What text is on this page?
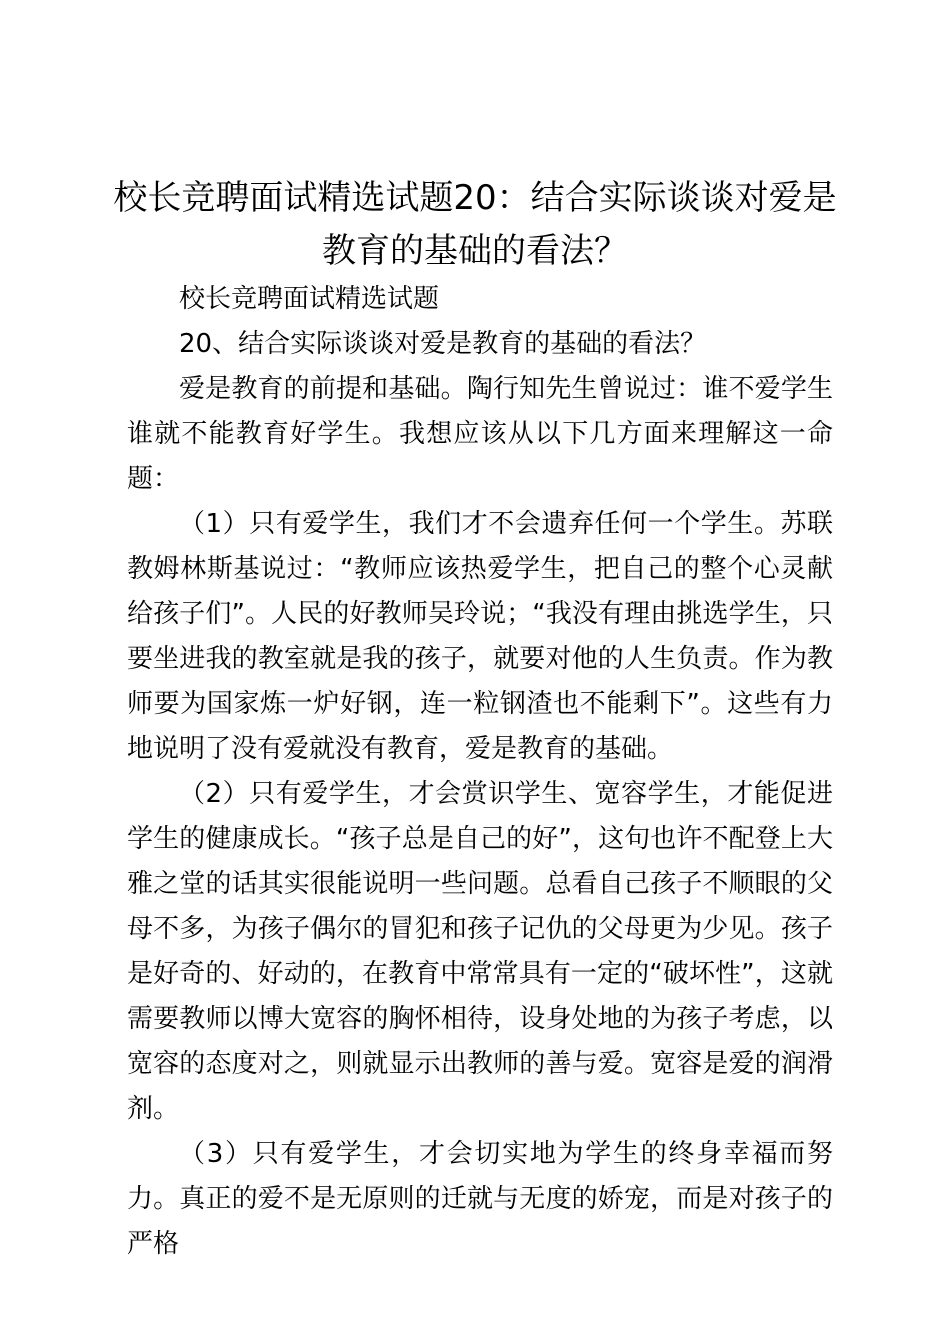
校长竞聘面试精选试题20：结合实际谈谈对爱是教育的基础的看法？

校长竞聘面试精选试题

20、结合实际谈谈对爱是教育的基础的看法？

爱是教育的前提和基础。陶行知先生曾说过：谁不爱学生谁就不能教育好学生。我想应该从以下几方面来理解这一命题：

（1）只有爱学生，我们才不会遗弃任何一个学生。苏联教姆林斯基说过：“教师应该热爱学生，把自己的整个心灵献给孩子们”。人民的好教师吴玲说；“我没有理由挑选学生，只要坐进我的教室就是我的孩子，就要对他的人生负责。作为教师要为国家炼一炉好钢，连一粒钢渣也不能剩下”。这些有力地说明了没有爱就没有教育，爱是教育的基础。

（2）只有爱学生，才会赏识学生、宽容学生，才能促进学生的健康成长。“孩子总是自己的好”，这句也许不配登上大雅之堂的话其实很能说明一些问题。总看自己孩子不顺眼的父母不多，为孩子偶尔的冒犯和孩子记仇的父母更为少见。孩子是好奇的、好动的，在教育中常常具有一定的“破坏性”，这就需要教师以博大宽容的胸怀相待，设身处地的为孩子考虑，以宽容的态度对之，则就显示出教师的善与爱。宽容是爱的润滑剂。

（3）只有爱学生，才会切实地为学生的终身幸福而努力。真正的爱不是无原则的迁就与无度的娇宠，而是对孩子的严格
